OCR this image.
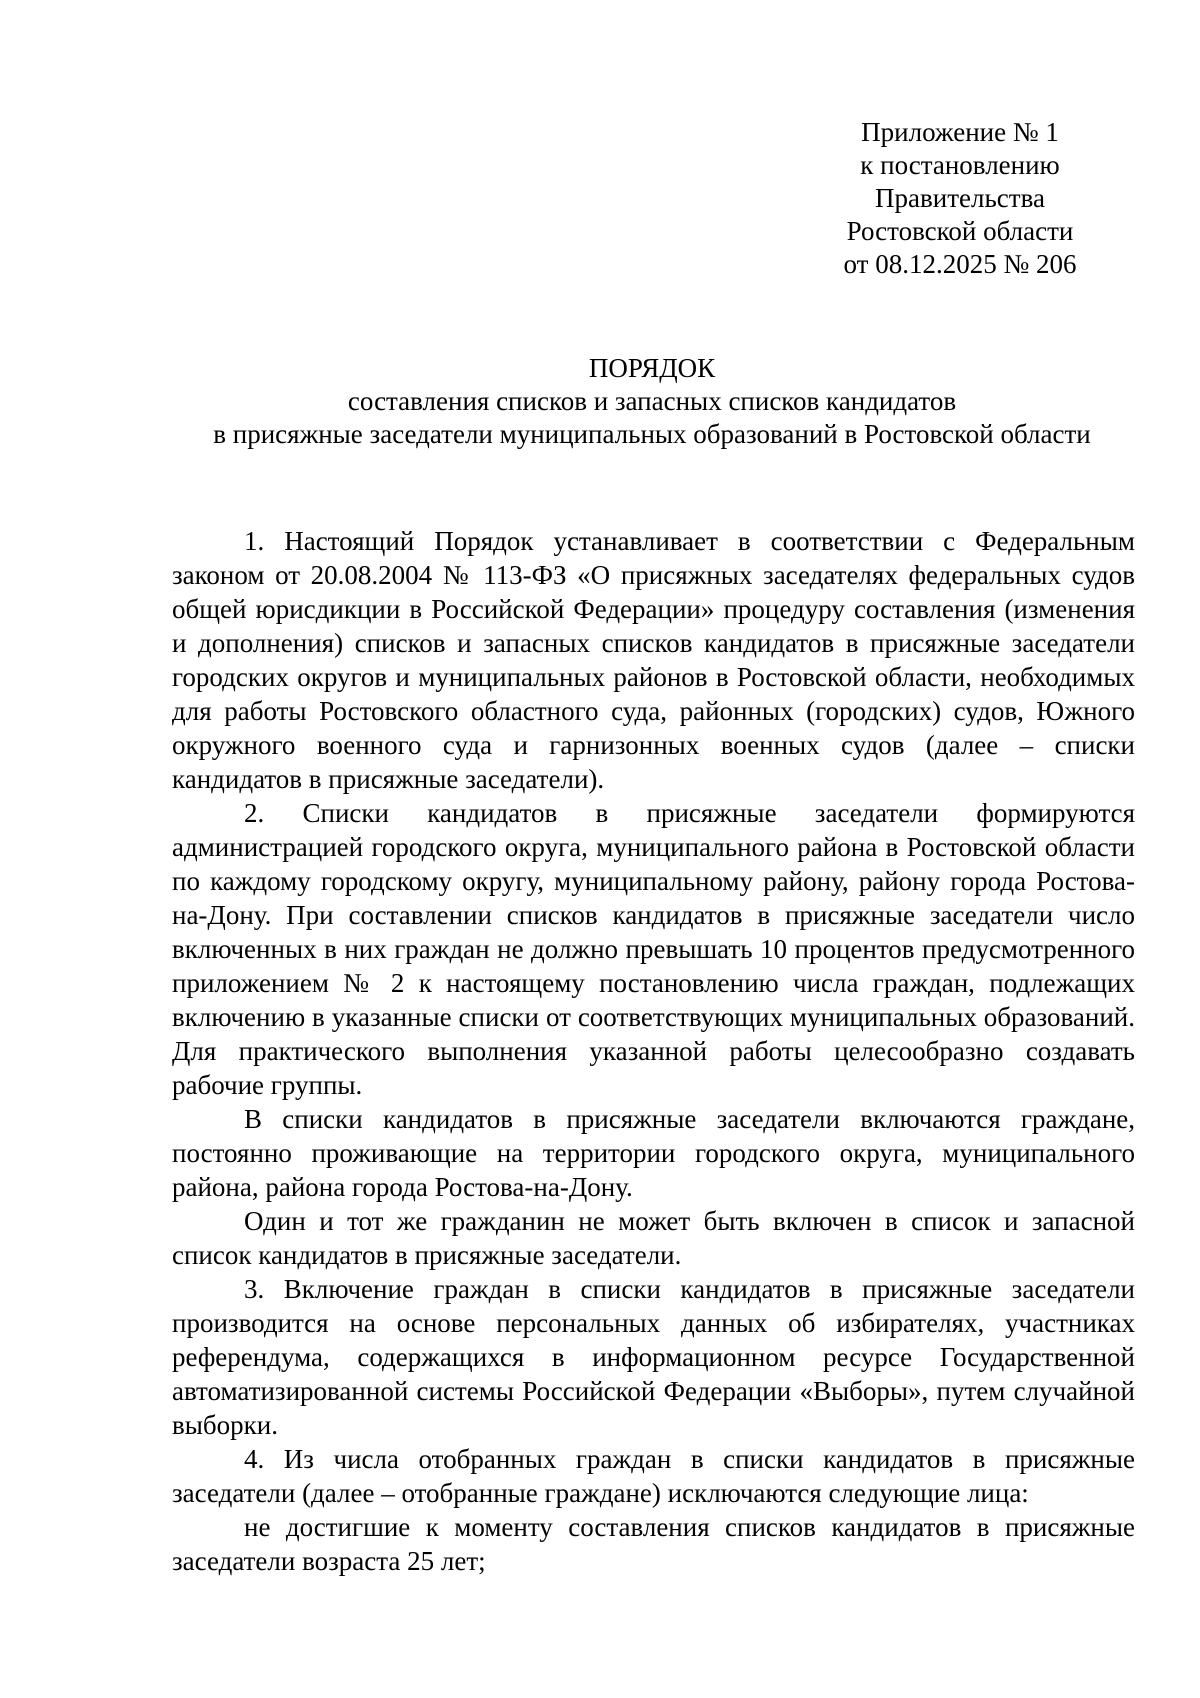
Приложение № 1
к постановлению
Правительства
Ростовской области
от 08.12.2025 № 206
ПОРЯДОК
составления списков и запасных списков кандидатов
в присяжные заседатели муниципальных образований в Ростовской области

1. Настоящий Порядок устанавливает в соответствии с Федеральным законом от 20.08.2004 № 113-ФЗ «О присяжных заседателях федеральных судов общей юрисдикции в Российской Федерации» процедуру составления (изменения и дополнения) списков и запасных списков кандидатов в присяжные заседатели городских округов и муниципальных районов в Ростовской области, необходимых для работы Ростовского областного суда, районных (городских) судов, Южного окружного военного суда и гарнизонных военных судов (далее – списки кандидатов в присяжные заседатели).

2. Списки кандидатов в присяжные заседатели формируются администрацией городского округа, муниципального района в Ростовской области по каждому городскому округу, муниципальному району, району города Ростова-на-Дону. При составлении списков кандидатов в присяжные заседатели число включенных в них граждан не должно превышать 10 процентов предусмотренного приложением № 2 к настоящему постановлению числа граждан, подлежащих включению в указанные списки от соответствующих муниципальных образований. Для практического выполнения указанной работы целесообразно создавать рабочие группы.

В списки кандидатов в присяжные заседатели включаются граждане, постоянно проживающие на территории городского округа, муниципального района, района города Ростова-на-Дону.

Один и тот же гражданин не может быть включен в список и запасной список кандидатов в присяжные заседатели.

3. Включение граждан в списки кандидатов в присяжные заседатели производится на основе персональных данных об избирателях, участниках референдума, содержащихся в информационном ресурсе Государственной автоматизированной системы Российской Федерации «Выборы», путем случайной выборки.

4. Из числа отобранных граждан в списки кандидатов в присяжные заседатели (далее – отобранные граждане) исключаются следующие лица:

не достигшие к моменту составления списков кандидатов в присяжные заседатели возраста 25 лет;
